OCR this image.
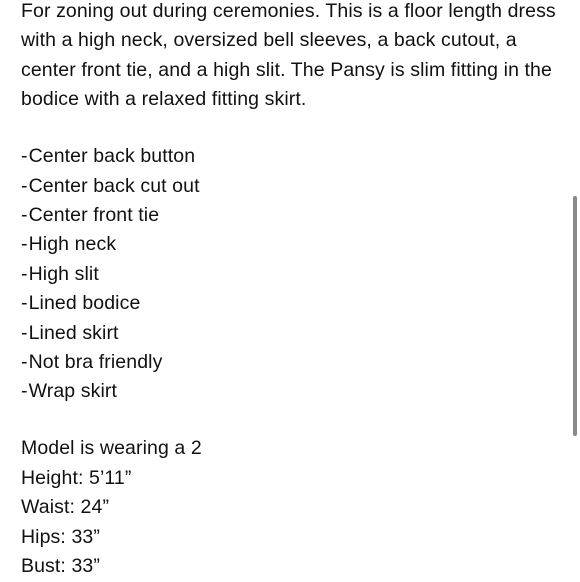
For zoning out during ceremonies. This is a floor length dress with a high neck, oversized bell sleeves, a back cutout, a center front tie, and a high slit. The Pansy is slim fitting in the bodice with a relaxed fitting skirt.

-Center back button
-Center back cut out
-Center front tie
-High neck
-High slit
-Lined bodice
-Lined skirt
-Not bra friendly
-Wrap skirt
Model is wearing a 2
Height: 5’11”
Waist: 24”
Hips: 33”
Bust: 33”
